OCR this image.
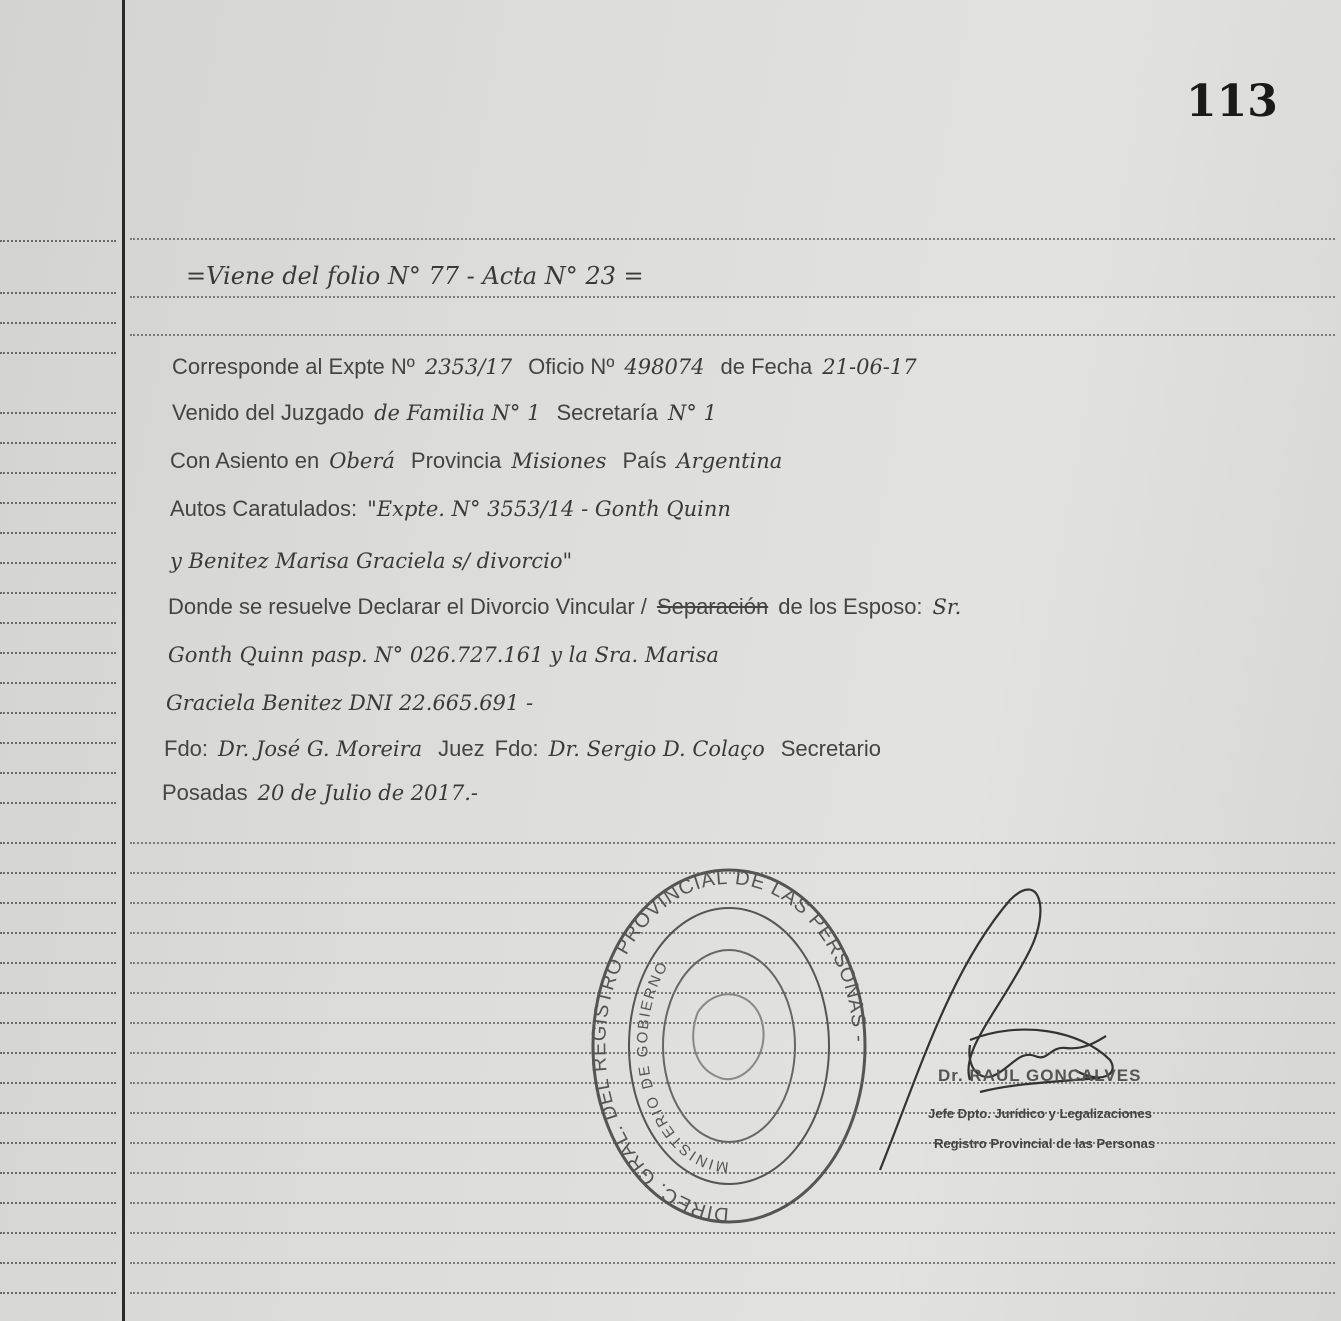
113
=Viene del folio N° 77 - Acta N° 23 =
Corresponde al Expte Nº 2353/17 Oficio Nº 498074 de Fecha 21-06-17
Venido del Juzgado de Familia N° 1 Secretaría N° 1
Con Asiento en Oberá Provincia Misiones País Argentina
Autos Caratulados: "Expte. N° 3553/14 - Gonth Quinn
y Benitez Marisa Graciela s/ divorcio"
Donde se resuelve Declarar el Divorcio Vincular / Separación de los Esposo: Sr.
Gonth Quinn pasp. N° 026.727.161 y la Sra. Marisa
Graciela Benitez DNI 22.665.691 -
Fdo: Dr. José G. Moreira Juez Fdo: Dr. Sergio D. Colaço Secretario
Posadas 20 de Julio de 2017.-
DIREC. GRAL. DEL REGISTRO PROVINCIAL DE LAS PERSONAS -
MINISTERIO DE GOBIERNO
Dr. RAUL GONCALVES
Jefe Dpto. Jurídico y Legalizaciones
Registro Provincial de las Personas
